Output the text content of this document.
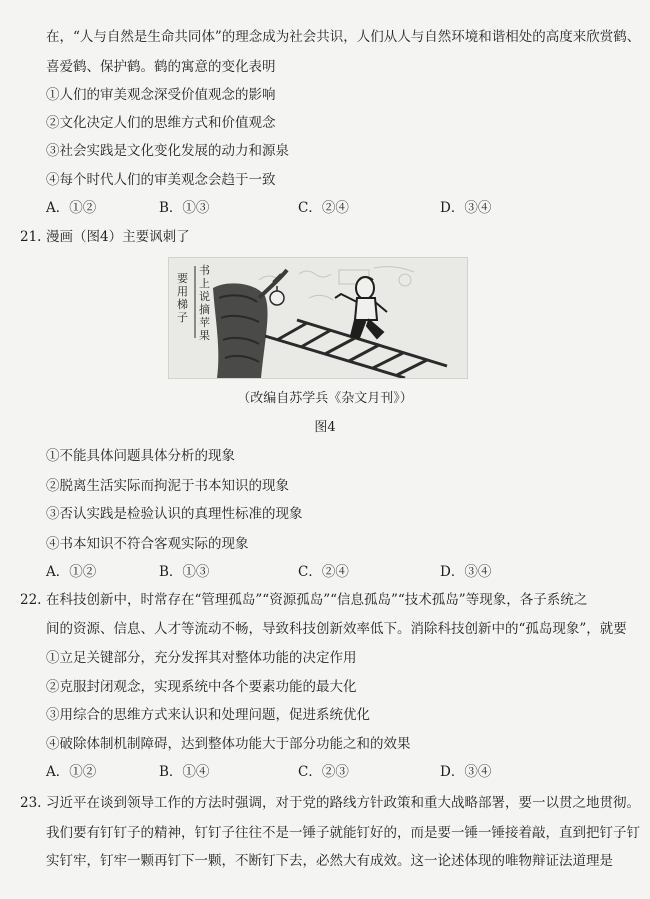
在，“人与自然是生命共同体”的理念成为社会共识，人们从人与自然环境和谐相处的高度来欣赏鹤、
喜爱鹤、保护鹤。鹤的寓意的变化表明
①人们的审美观念深受价值观念的影响
②文化决定人们的思维方式和价值观念
③社会实践是文化变化发展的动力和源泉
④每个时代人们的审美观念会趋于一致
A．①②	B．①③	C．②④	D．③④
21. 漫画（图4）主要讽刺了
要用梯子
书上说摘苹果
（改编自苏学兵《杂文月刊》）
图4
①不能具体问题具体分析的现象
②脱离生活实际而拘泥于书本知识的现象
③否认实践是检验认识的真理性标准的现象
④书本知识不符合客观实际的现象
A．①②	B．①③	C．②④	D．③④
22. 在科技创新中，时常存在“管理孤岛”“资源孤岛”“信息孤岛”“技术孤岛”等现象，各子系统之
间的资源、信息、人才等流动不畅，导致科技创新效率低下。消除科技创新中的“孤岛现象”，就要
①立足关键部分，充分发挥其对整体功能的决定作用
②克服封闭观念，实现系统中各个要素功能的最大化
③用综合的思维方式来认识和处理问题，促进系统优化
④破除体制机制障碍，达到整体功能大于部分功能之和的效果
A．①②	B．①④	C．②③	D．③④
23. 习近平在谈到领导工作的方法时强调，对于党的路线方针政策和重大战略部署，要一以贯之地贯彻。
我们要有钉钉子的精神，钉钉子往往不是一锤子就能钉好的，而是要一锤一锤接着敲，直到把钉子钉
实钉牢，钉牢一颗再钉下一颗，不断钉下去，必然大有成效。这一论述体现的唯物辩证法道理是
